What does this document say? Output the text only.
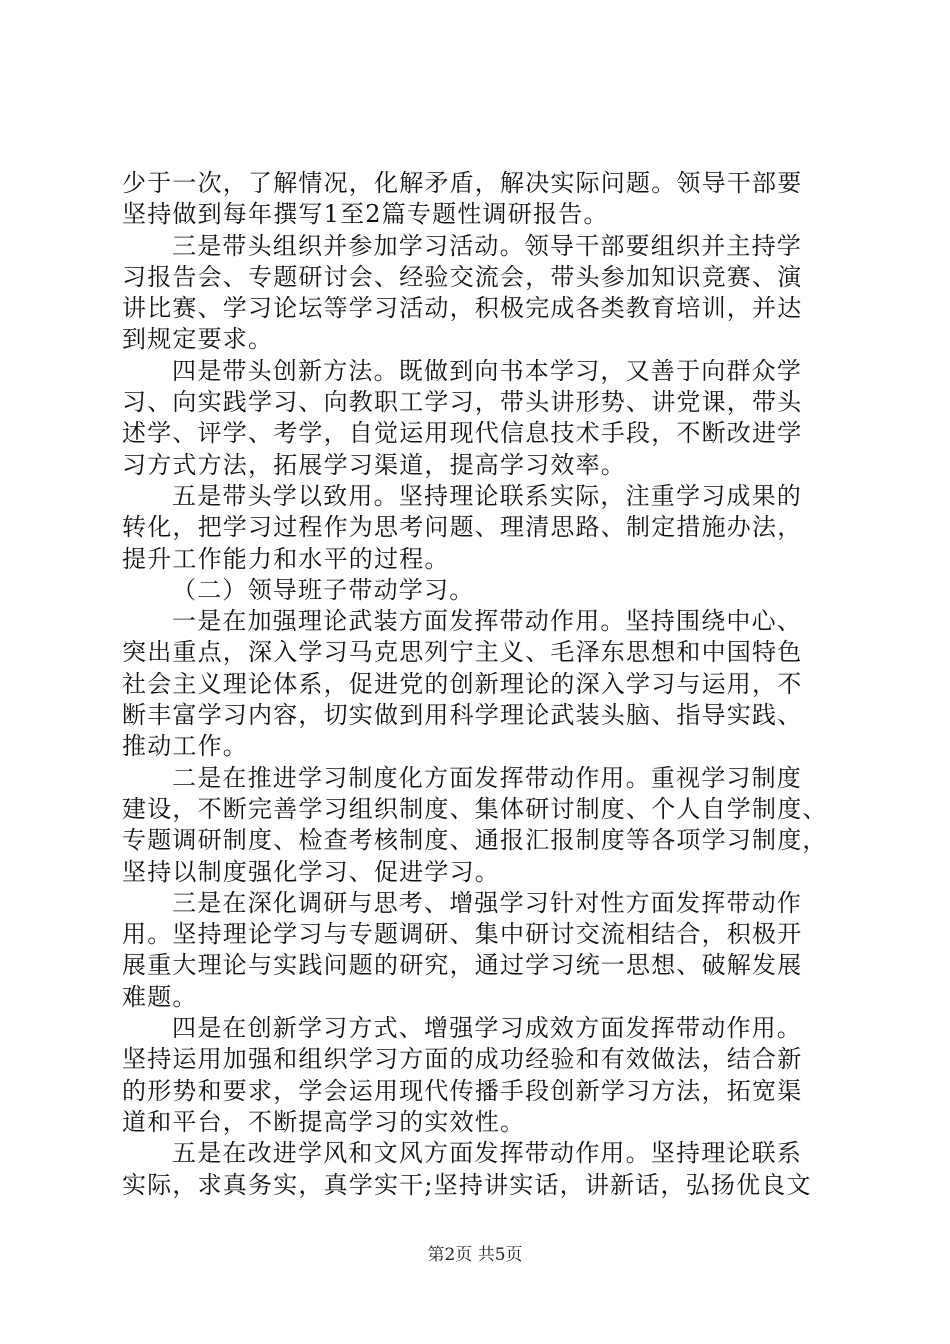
少于一次，了解情况，化解矛盾，解决实际问题。领导干部要
坚持做到每年撰写1至2篇专题性调研报告。
三是带头组织并参加学习活动。领导干部要组织并主持学
习报告会、专题研讨会、经验交流会，带头参加知识竞赛、演
讲比赛、学习论坛等学习活动，积极完成各类教育培训，并达
到规定要求。
四是带头创新方法。既做到向书本学习，又善于向群众学
习、向实践学习、向教职工学习，带头讲形势、讲党课，带头
述学、评学、考学，自觉运用现代信息技术手段，不断改进学
习方式方法，拓展学习渠道，提高学习效率。
五是带头学以致用。坚持理论联系实际，注重学习成果的
转化，把学习过程作为思考问题、理清思路、制定措施办法，
提升工作能力和水平的过程。
（二）领导班子带动学习。
一是在加强理论武装方面发挥带动作用。坚持围绕中心、
突出重点，深入学习马克思列宁主义、毛泽东思想和中国特色
社会主义理论体系，促进党的创新理论的深入学习与运用，不
断丰富学习内容，切实做到用科学理论武装头脑、指导实践、
推动工作。
二是在推进学习制度化方面发挥带动作用。重视学习制度
建设，不断完善学习组织制度、集体研讨制度、个人自学制度、
专题调研制度、检查考核制度、通报汇报制度等各项学习制度，
坚持以制度强化学习、促进学习。
三是在深化调研与思考、增强学习针对性方面发挥带动作
用。坚持理论学习与专题调研、集中研讨交流相结合，积极开
展重大理论与实践问题的研究，通过学习统一思想、破解发展
难题。
四是在创新学习方式、增强学习成效方面发挥带动作用。
坚持运用加强和组织学习方面的成功经验和有效做法，结合新
的形势和要求，学会运用现代传播手段创新学习方法，拓宽渠
道和平台，不断提高学习的实效性。
五是在改进学风和文风方面发挥带动作用。坚持理论联系
实际，求真务实，真学实干;坚持讲实话，讲新话，弘扬优良文
第2页 共5页
